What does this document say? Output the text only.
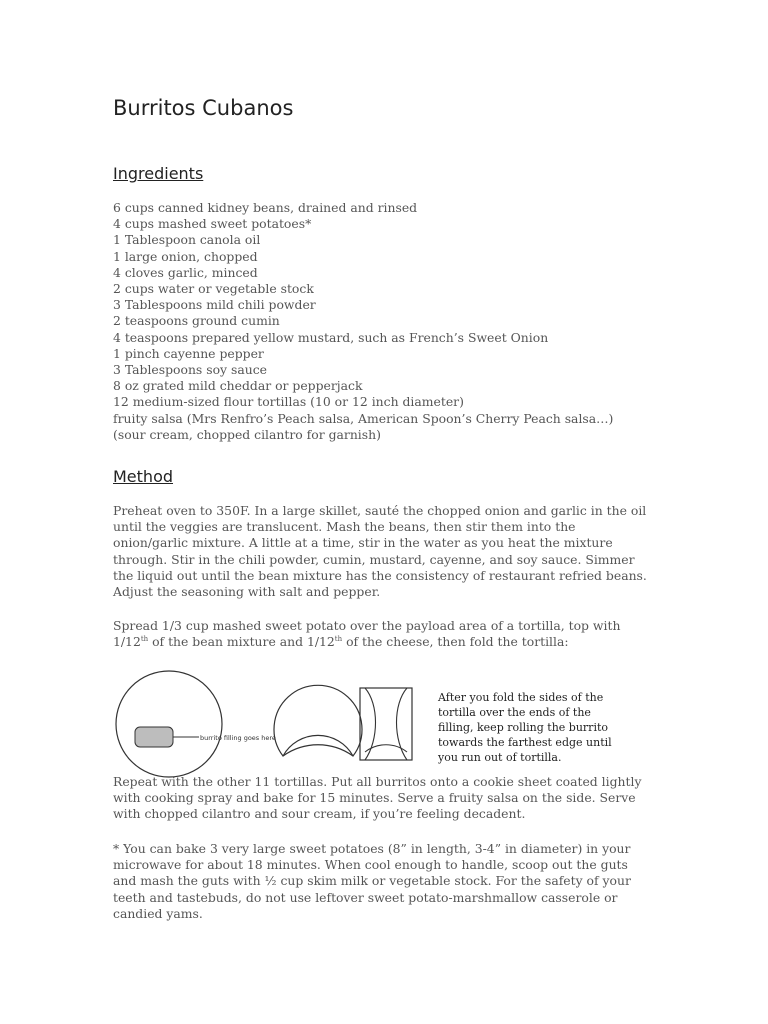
Burritos Cubanos
Ingredients
6 cups canned kidney beans, drained and rinsed
4 cups mashed sweet potatoes*
1 Tablespoon canola oil
1 large onion, chopped
4 cloves garlic, minced
2 cups water or vegetable stock
3 Tablespoons mild chili powder
2 teaspoons ground cumin
4 teaspoons prepared yellow mustard, such as French’s Sweet Onion
1 pinch cayenne pepper
3 Tablespoons soy sauce
8 oz grated mild cheddar or pepperjack
12 medium-sized flour tortillas (10 or 12 inch diameter)
fruity salsa (Mrs Renfro’s Peach salsa, American Spoon’s Cherry Peach salsa…)
(sour cream, chopped cilantro for garnish)
Method

Preheat oven to 350F. In a large skillet, sauté the chopped onion and garlic in the oil until the veggies are translucent. Mash the beans, then stir them into the onion/garlic mixture. A little at a time, stir in the water as you heat the mixture through. Stir in the chili powder, cumin, mustard, cayenne, and soy sauce. Simmer the liquid out until the bean mixture has the consistency of restaurant refried beans. Adjust the seasoning with salt and pepper.

Spread 1/3 cup mashed sweet potato over the payload area of a tortilla, top with 1/12th of the bean mixture and 1/12th of the cheese, then fold the tortilla:

burrito filling goes here

After you fold the sides of the tortilla over the ends of the filling, keep rolling the burrito towards the farthest edge until you run out of tortilla.

Repeat with the other 11 tortillas. Put all burritos onto a cookie sheet coated lightly with cooking spray and bake for 15 minutes. Serve a fruity salsa on the side. Serve with chopped cilantro and sour cream, if you’re feeling decadent.

* You can bake 3 very large sweet potatoes (8” in length, 3-4” in diameter) in your microwave for about 18 minutes. When cool enough to handle, scoop out the guts and mash the guts with ½ cup skim milk or vegetable stock. For the safety of your teeth and tastebuds, do not use leftover sweet potato-marshmallow casserole or candied yams.
